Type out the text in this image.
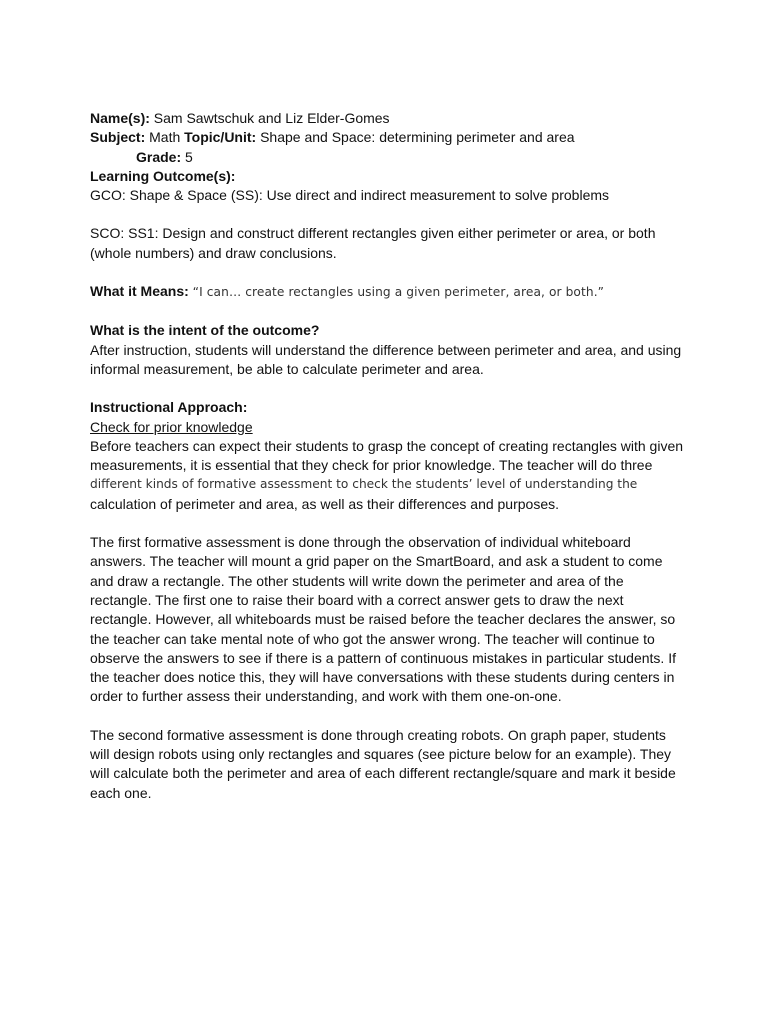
Name(s): Sam Sawtschuk and Liz Elder-Gomes
Subject: Math Topic/Unit: Shape and Space: determining perimeter and area
Grade: 5
Learning Outcome(s):
GCO: Shape & Space (SS): Use direct and indirect measurement to solve problems
SCO: SS1: Design and construct different rectangles given either perimeter or area, or both
(whole numbers) and draw conclusions.
What it Means: “I can… create rectangles using a given perimeter, area, or both.”
What is the intent of the outcome?
After instruction, students will understand the difference between perimeter and area, and using
informal measurement, be able to calculate perimeter and area.
Instructional Approach:
Check for prior knowledge
Before teachers can expect their students to grasp the concept of creating rectangles with given
measurements, it is essential that they check for prior knowledge. The teacher will do three
different kinds of formative assessment to check the students’ level of understanding the
calculation of perimeter and area, as well as their differences and purposes.
The first formative assessment is done through the observation of individual whiteboard
answers. The teacher will mount a grid paper on the SmartBoard, and ask a student to come
and draw a rectangle. The other students will write down the perimeter and area of the
rectangle. The first one to raise their board with a correct answer gets to draw the next
rectangle. However, all whiteboards must be raised before the teacher declares the answer, so
the teacher can take mental note of who got the answer wrong. The teacher will continue to
observe the answers to see if there is a pattern of continuous mistakes in particular students. If
the teacher does notice this, they will have conversations with these students during centers in
order to further assess their understanding, and work with them one-on-one.
The second formative assessment is done through creating robots. On graph paper, students
will design robots using only rectangles and squares (see picture below for an example). They
will calculate both the perimeter and area of each different rectangle/square and mark it beside
each one.
